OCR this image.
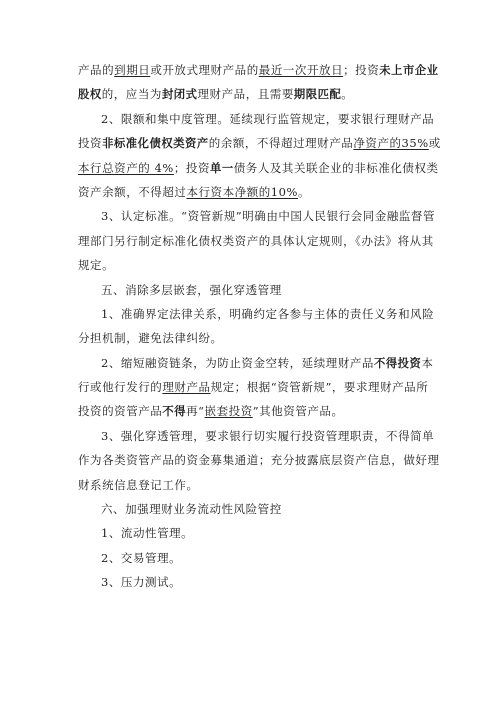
产品的到期日或开放式理财产品的最近一次开放日；投资未上市企业
股权的，应当为封闭式理财产品，且需要期限匹配。
2、限额和集中度管理。延续现行监管规定，要求银行理财产品
投资非标准化债权类资产的余额，不得超过理财产品净资产的35%或
本行总资产的 4%；投资单一债务人及其关联企业的非标准化债权类
资产余额，不得超过本行资本净额的10%。
3、认定标准。“资管新规”明确由中国人民银行会同金融监督管
理部门另行制定标准化债权类资产的具体认定规则，《办法》将从其
规定。
五、消除多层嵌套，强化穿透管理
1、准确界定法律关系，明确约定各参与主体的责任义务和风险
分担机制，避免法律纠纷。
2、缩短融资链条，为防止资金空转，延续理财产品不得投资本
行或他行发行的理财产品规定；根据“资管新规”，要求理财产品所
投资的资管产品不得再“嵌套投资”其他资管产品。
3、强化穿透管理，要求银行切实履行投资管理职责，不得简单
作为各类资管产品的资金募集通道；充分披露底层资产信息，做好理
财系统信息登记工作。
六、加强理财业务流动性风险管控
1、流动性管理。
2、交易管理。
3、压力测试。
